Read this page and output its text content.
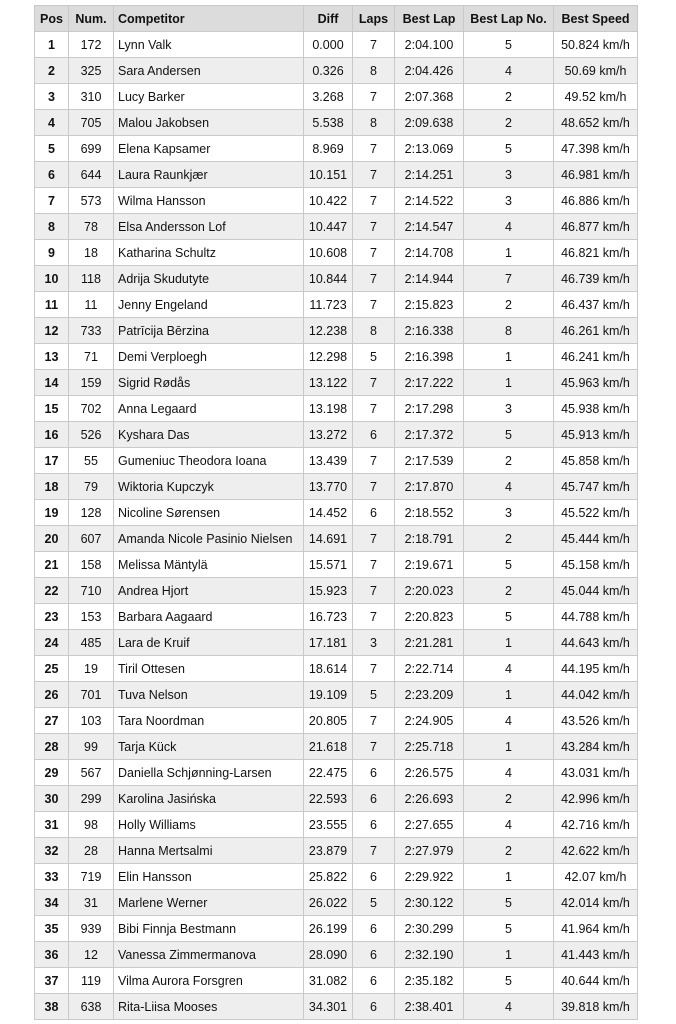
Pos	Num.	Competitor	Diff	Laps	Best Lap	Best Lap No.	Best Speed
1	172	Lynn Valk	0.000	7	2:04.100	5	50.824 km/h
2	325	Sara Andersen	0.326	8	2:04.426	4	50.69 km/h
3	310	Lucy Barker	3.268	7	2:07.368	2	49.52 km/h
4	705	Malou Jakobsen	5.538	8	2:09.638	2	48.652 km/h
5	699	Elena Kapsamer	8.969	7	2:13.069	5	47.398 km/h
6	644	Laura Raunkjær	10.151	7	2:14.251	3	46.981 km/h
7	573	Wilma Hansson	10.422	7	2:14.522	3	46.886 km/h
8	78	Elsa Andersson Lof	10.447	7	2:14.547	4	46.877 km/h
9	18	Katharina Schultz	10.608	7	2:14.708	1	46.821 km/h
10	118	Adrija Skudutyte	10.844	7	2:14.944	7	46.739 km/h
11	11	Jenny Engeland	11.723	7	2:15.823	2	46.437 km/h
12	733	Patrīcija Bērzina	12.238	8	2:16.338	8	46.261 km/h
13	71	Demi Verploegh	12.298	5	2:16.398	1	46.241 km/h
14	159	Sigrid Rødås	13.122	7	2:17.222	1	45.963 km/h
15	702	Anna Legaard	13.198	7	2:17.298	3	45.938 km/h
16	526	Kyshara Das	13.272	6	2:17.372	5	45.913 km/h
17	55	Gumeniuc Theodora Ioana	13.439	7	2:17.539	2	45.858 km/h
18	79	Wiktoria Kupczyk	13.770	7	2:17.870	4	45.747 km/h
19	128	Nicoline Sørensen	14.452	6	2:18.552	3	45.522 km/h
20	607	Amanda Nicole Pasinio Nielsen	14.691	7	2:18.791	2	45.444 km/h
21	158	Melissa Mäntylä	15.571	7	2:19.671	5	45.158 km/h
22	710	Andrea Hjort	15.923	7	2:20.023	2	45.044 km/h
23	153	Barbara Aagaard	16.723	7	2:20.823	5	44.788 km/h
24	485	Lara de Kruif	17.181	3	2:21.281	1	44.643 km/h
25	19	Tiril Ottesen	18.614	7	2:22.714	4	44.195 km/h
26	701	Tuva Nelson	19.109	5	2:23.209	1	44.042 km/h
27	103	Tara Noordman	20.805	7	2:24.905	4	43.526 km/h
28	99	Tarja Kück	21.618	7	2:25.718	1	43.284 km/h
29	567	Daniella Schjønning-Larsen	22.475	6	2:26.575	4	43.031 km/h
30	299	Karolina Jasińska	22.593	6	2:26.693	2	42.996 km/h
31	98	Holly Williams	23.555	6	2:27.655	4	42.716 km/h
32	28	Hanna Mertsalmi	23.879	7	2:27.979	2	42.622 km/h
33	719	Elin Hansson	25.822	6	2:29.922	1	42.07 km/h
34	31	Marlene Werner	26.022	5	2:30.122	5	42.014 km/h
35	939	Bibi Finnja Bestmann	26.199	6	2:30.299	5	41.964 km/h
36	12	Vanessa Zimmermanova	28.090	6	2:32.190	1	41.443 km/h
37	119	Vilma Aurora Forsgren	31.082	6	2:35.182	5	40.644 km/h
38	638	Rita-Liisa Mooses	34.301	6	2:38.401	4	39.818 km/h
